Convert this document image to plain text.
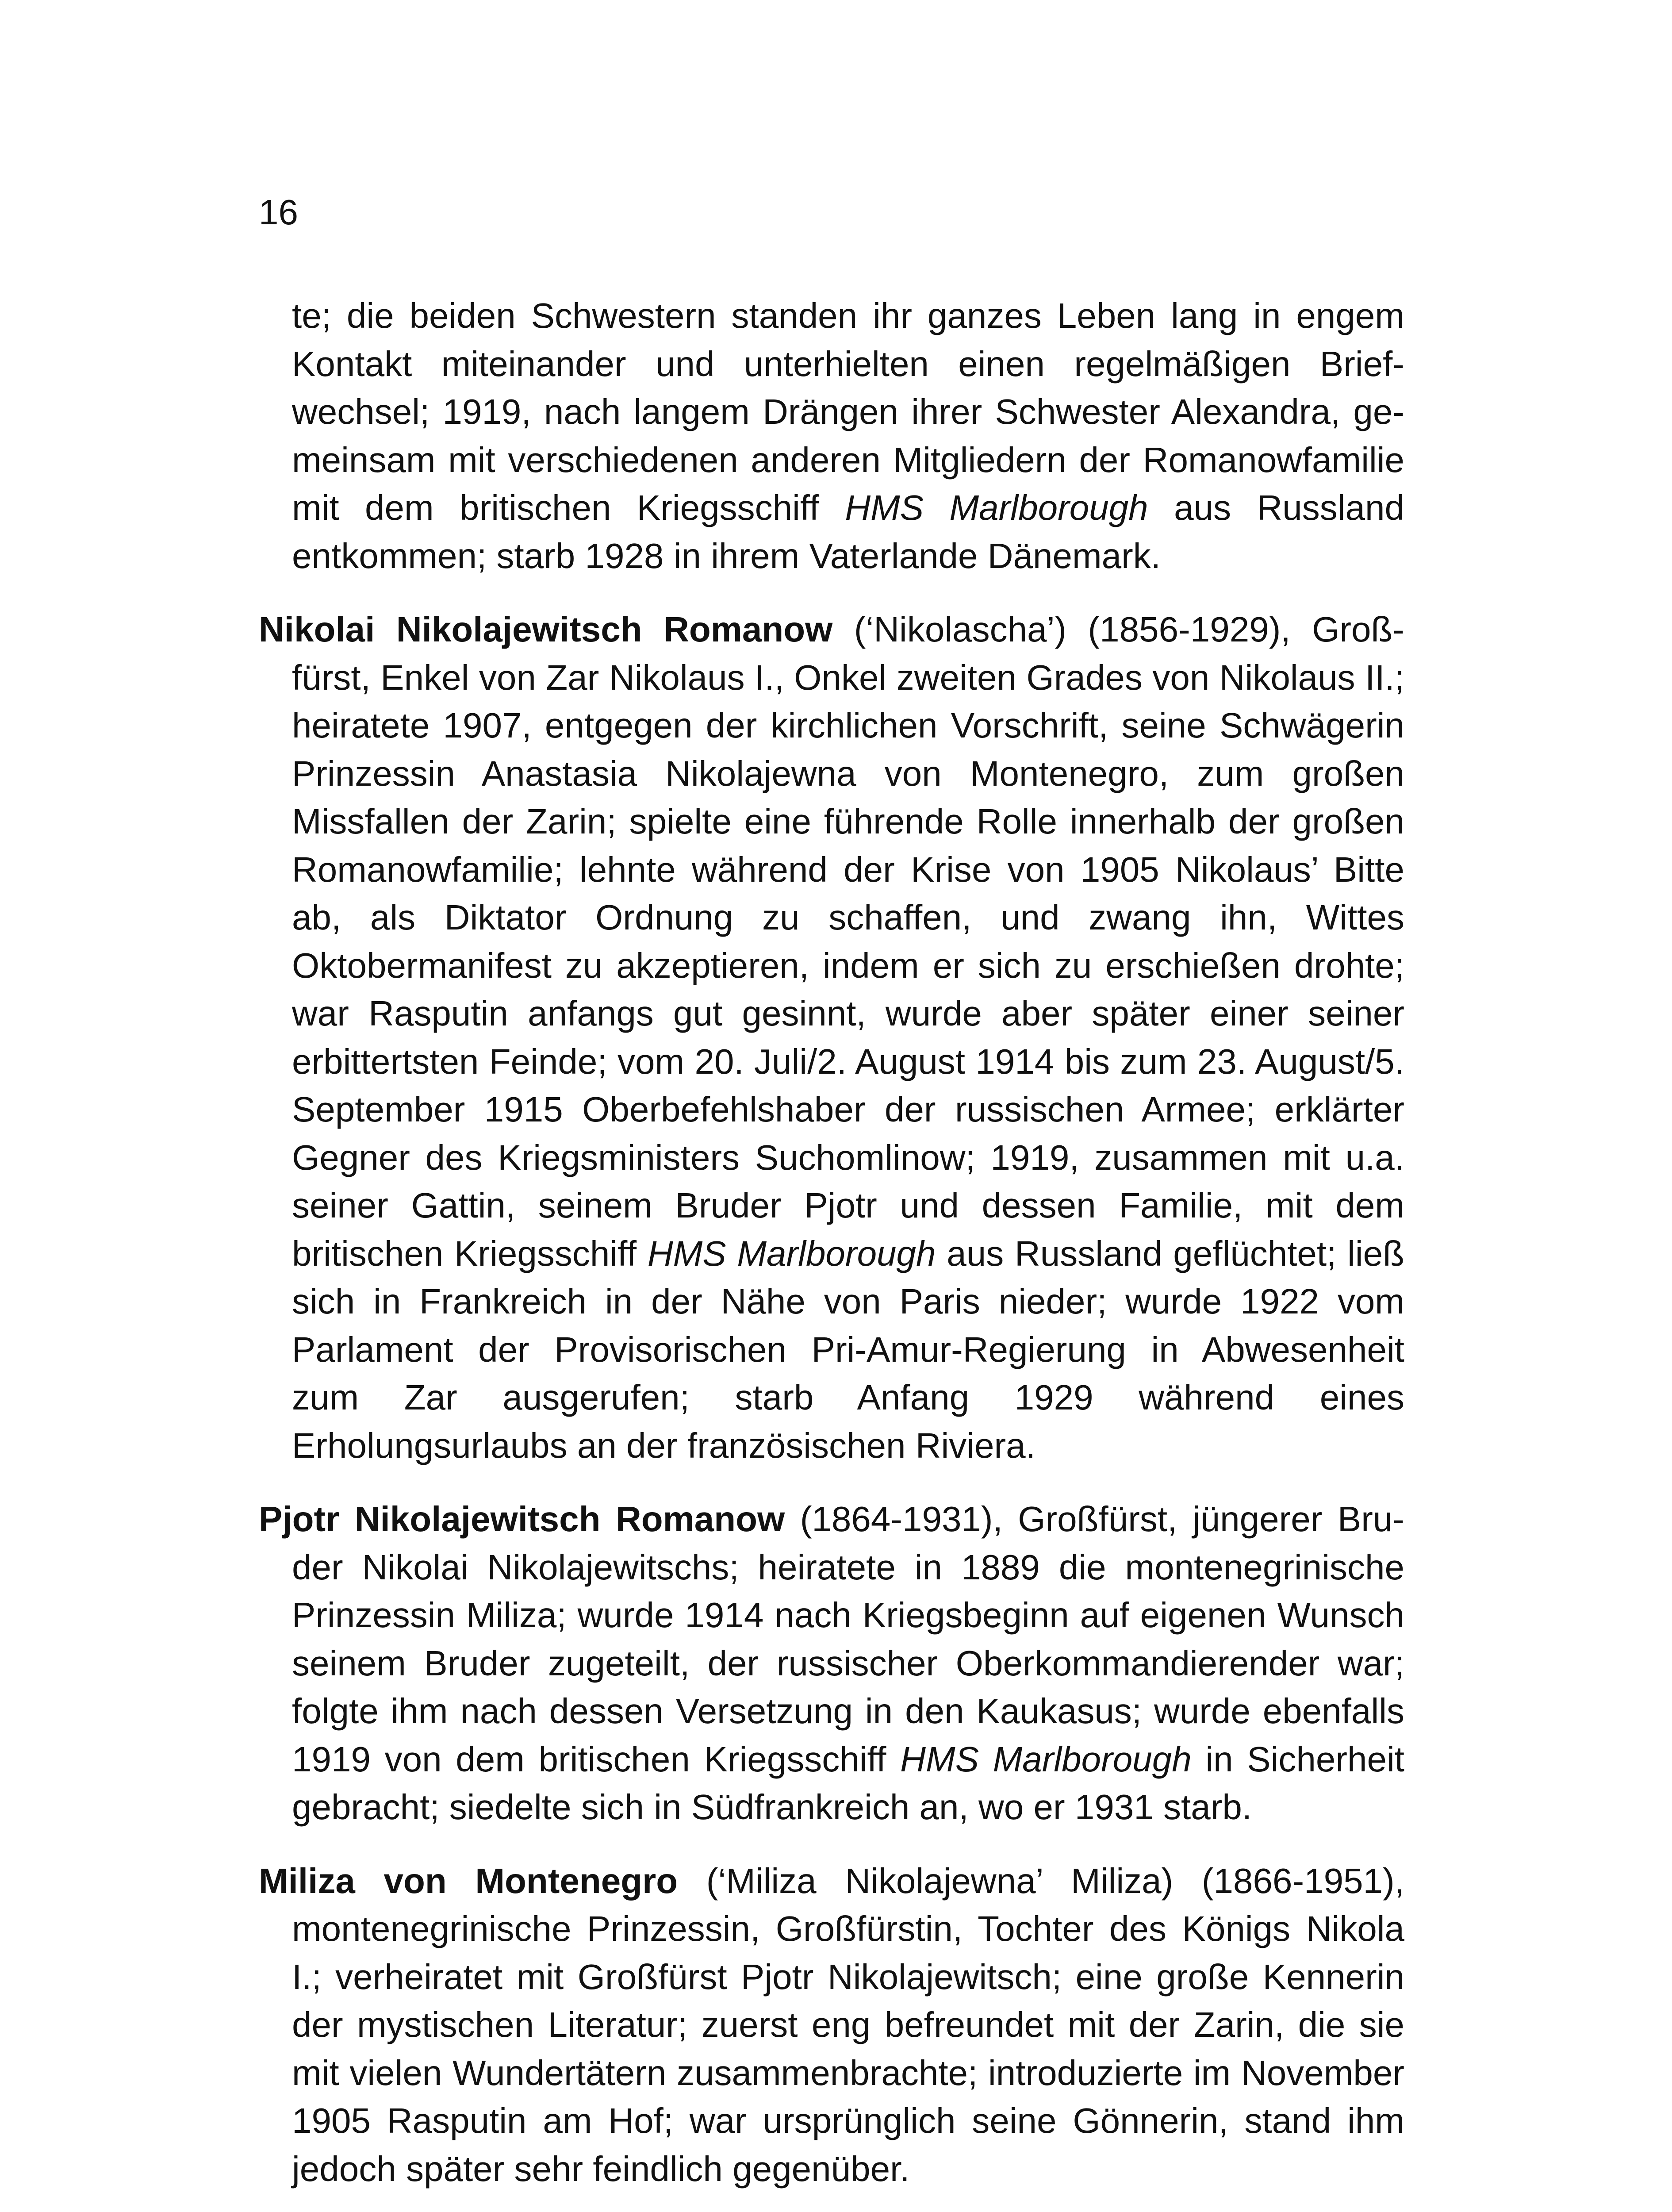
16

te; die beiden Schwestern standen ihr ganzes Leben lang in engem Kontakt miteinander und unterhielten einen regelmäßigen Briefwechsel; 1919, nach langem Drängen ihrer Schwester Alexandra, gemeinsam mit verschiedenen anderen Mitgliedern der Romanowfamilie mit dem britischen Kriegsschiff HMS Marlborough aus Russland entkommen; starb 1928 in ihrem Vaterlande Dänemark.

Nikolai Nikolajewitsch Romanow (‘Nikolascha’) (1856-1929), Großfürst, Enkel von Zar Nikolaus I., Onkel zweiten Grades von Nikolaus II.; heiratete 1907, entgegen der kirchlichen Vorschrift, seine Schwägerin Prinzessin Anastasia Nikolajewna von Montenegro, zum großen Missfallen der Zarin; spielte eine führende Rolle innerhalb der großen Romanowfamilie; lehnte während der Krise von 1905 Nikolaus’ Bitte ab, als Diktator Ordnung zu schaffen, und zwang ihn, Wittes Oktobermanifest zu akzeptieren, indem er sich zu erschießen drohte; war Rasputin anfangs gut gesinnt, wurde aber später einer seiner erbittertsten Feinde; vom 20. Juli/2. August 1914 bis zum 23. August/5. September 1915 Oberbefehlshaber der russischen Armee; erklärter Gegner des Kriegsministers Suchomlinow; 1919, zusammen mit u.a. seiner Gattin, seinem Bruder Pjotr und dessen Familie, mit dem britischen Kriegsschiff HMS Marlborough aus Russland geflüchtet; ließ sich in Frankreich in der Nähe von Paris nieder; wurde 1922 vom Parlament der Provisorischen Pri-Amur-Regierung in Abwesenheit zum Zar ausgerufen; starb Anfang 1929 während eines Erholungsurlaubs an der französischen Riviera.

Pjotr Nikolajewitsch Romanow (1864-1931), Großfürst, jüngerer Bruder Nikolai Nikolajewitschs; heiratete in 1889 die montenegrinische Prinzessin Miliza; wurde 1914 nach Kriegsbeginn auf eigenen Wunsch seinem Bruder zugeteilt, der russischer Oberkommandierender war; folgte ihm nach dessen Versetzung in den Kaukasus; wurde ebenfalls 1919 von dem britischen Kriegsschiff HMS Marlborough in Sicherheit gebracht; siedelte sich in Südfrankreich an, wo er 1931 starb.

Miliza von Montenegro (‘Miliza Nikolajewna’ Miliza) (1866-1951), montenegrinische Prinzessin, Großfürstin, Tochter des Königs Nikola I.; verheiratet mit Großfürst Pjotr Nikolajewitsch; eine große Kennerin der mystischen Literatur; zuerst eng befreundet mit der Zarin, die sie mit vielen Wundertätern zusammenbrachte; introduzierte im November 1905 Rasputin am Hof; war ursprünglich seine Gönnerin, stand ihm jedoch später sehr feindlich gegenüber.
